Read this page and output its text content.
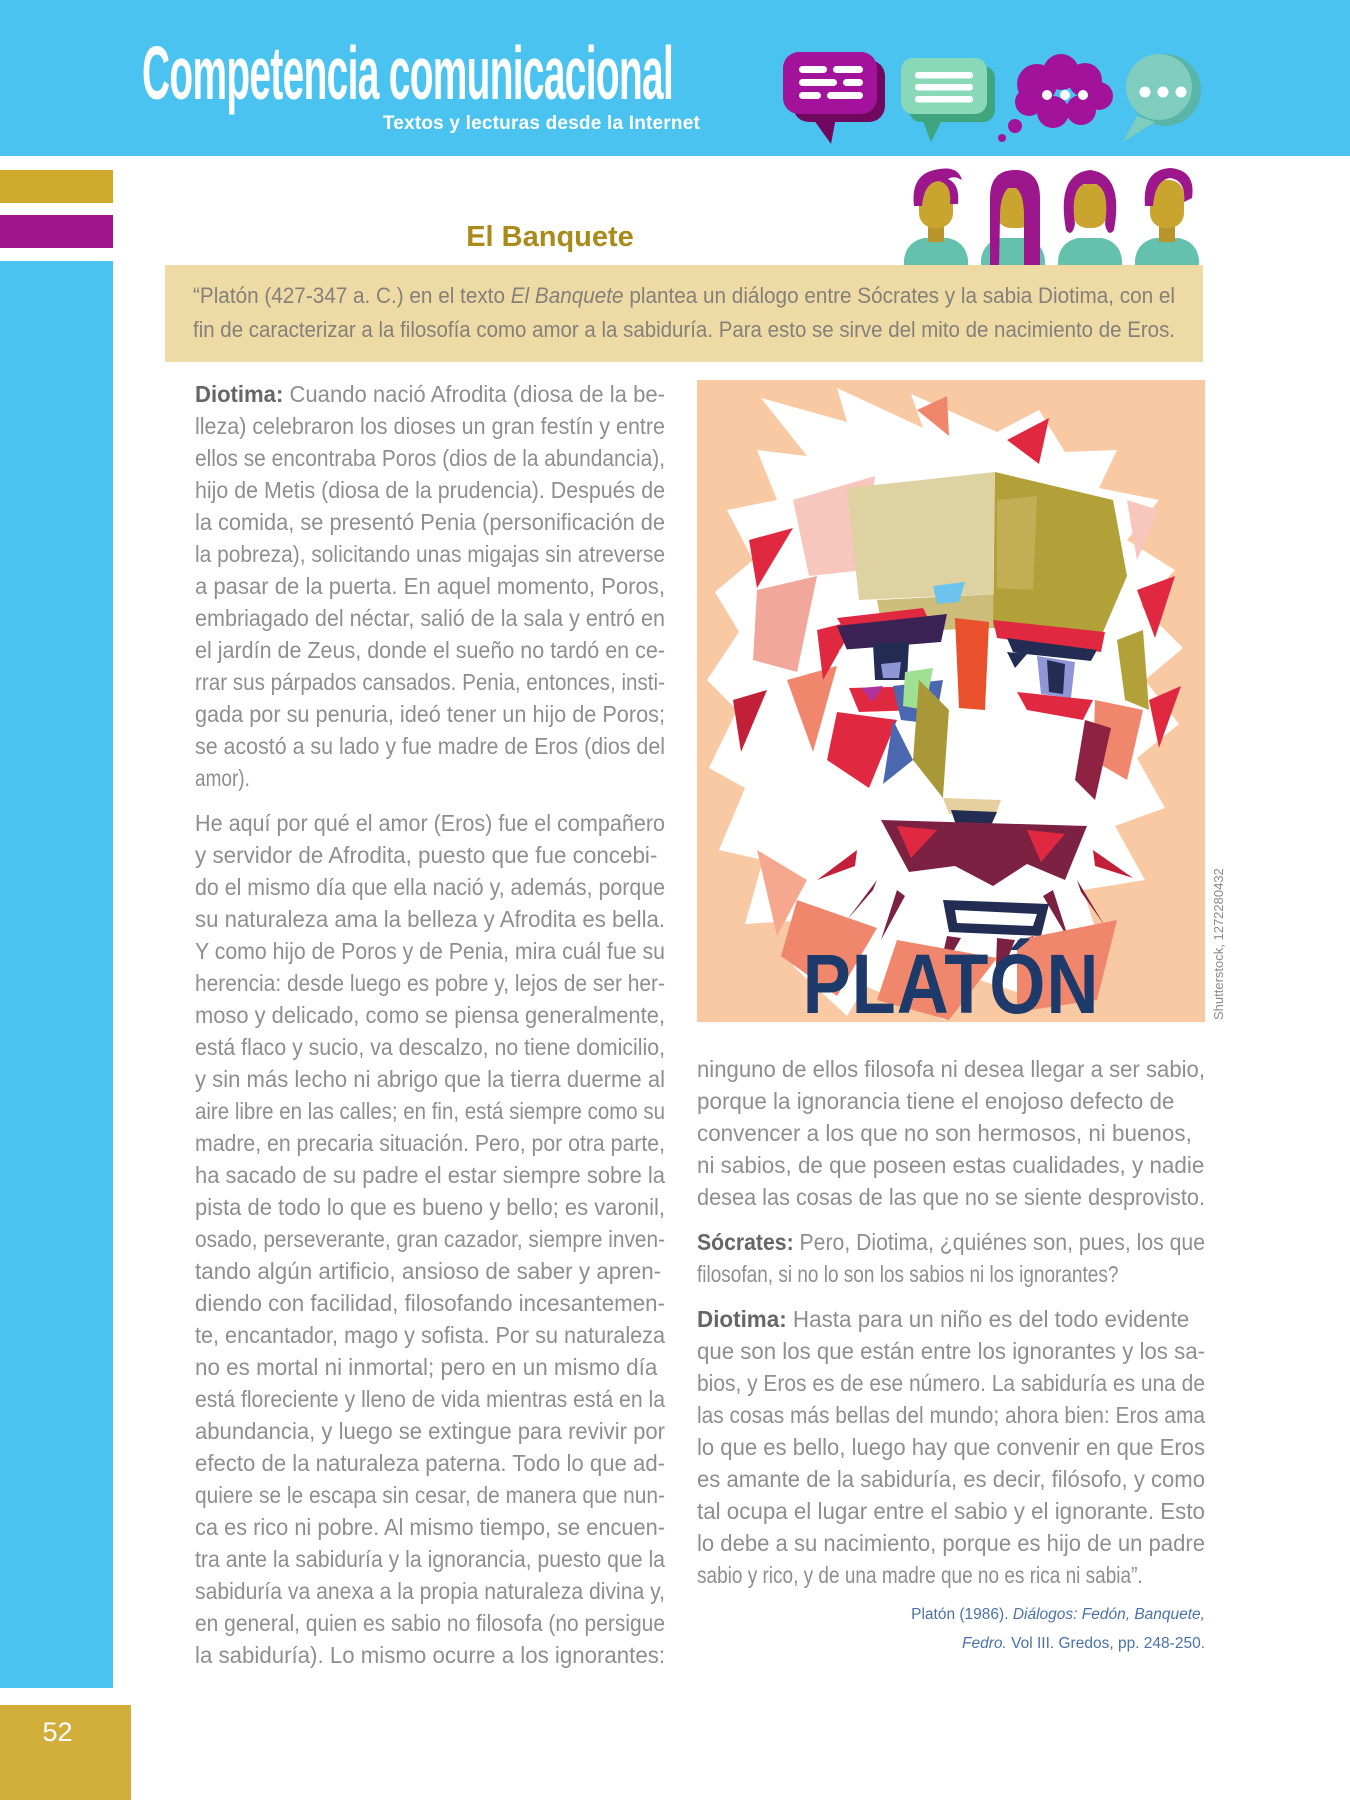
Competencia comunicacional
Textos y lecturas desde la Internet
52
El Banquete
“Platón (427-347 a. C.) en el texto El Banquete plantea un diálogo entre Sócrates y la sabia Diotima, con el
fin de caracterizar a la filosofía como amor a la sabiduría. Para esto se sirve del mito de nacimiento de Eros.
Diotima: Cuando nació Afrodita (diosa de la be-
lleza) celebraron los dioses un gran festín y entre
ellos se encontraba Poros (dios de la abundancia),
hijo de Metis (diosa de la prudencia). Después de
la comida, se presentó Penia (personificación de
la pobreza), solicitando unas migajas sin atreverse
a pasar de la puerta. En aquel momento, Poros,
embriagado del néctar, salió de la sala y entró en
el jardín de Zeus, donde el sueño no tardó en ce-
rrar sus párpados cansados. Penia, entonces, insti-
gada por su penuria, ideó tener un hijo de Poros;
se acostó a su lado y fue madre de Eros (dios del
amor).
He aquí por qué el amor (Eros) fue el compañero
y servidor de Afrodita, puesto que fue concebi-
do el mismo día que ella nació y, además, porque
su naturaleza ama la belleza y Afrodita es bella.
Y como hijo de Poros y de Penia, mira cuál fue su
herencia: desde luego es pobre y, lejos de ser her-
moso y delicado, como se piensa generalmente,
está flaco y sucio, va descalzo, no tiene domicilio,
y sin más lecho ni abrigo que la tierra duerme al
aire libre en las calles; en fin, está siempre como su
madre, en precaria situación. Pero, por otra parte,
ha sacado de su padre el estar siempre sobre la
pista de todo lo que es bueno y bello; es varonil,
osado, perseverante, gran cazador, siempre inven-
tando algún artificio, ansioso de saber y apren-
diendo con facilidad, filosofando incesantemen-
te, encantador, mago y sofista. Por su naturaleza
no es mortal ni inmortal; pero en un mismo día
está floreciente y lleno de vida mientras está en la
abundancia, y luego se extingue para revivir por
efecto de la naturaleza paterna. Todo lo que ad-
quiere se le escapa sin cesar, de manera que nun-
ca es rico ni pobre. Al mismo tiempo, se encuen-
tra ante la sabiduría y la ignorancia, puesto que la
sabiduría va anexa a la propia naturaleza divina y,
en general, quien es sabio no filosofa (no persigue
la sabiduría). Lo mismo ocurre a los ignorantes:
ninguno de ellos filosofa ni desea llegar a ser sabio,
porque la ignorancia tiene el enojoso defecto de
convencer a los que no son hermosos, ni buenos,
ni sabios, de que poseen estas cualidades, y nadie
desea las cosas de las que no se siente desprovisto.
Sócrates: Pero, Diotima, ¿quiénes son, pues, los que
filosofan, si no lo son los sabios ni los ignorantes?
Diotima: Hasta para un niño es del todo evidente
que son los que están entre los ignorantes y los sa-
bios, y Eros es de ese número. La sabiduría es una de
las cosas más bellas del mundo; ahora bien: Eros ama
lo que es bello, luego hay que convenir en que Eros
es amante de la sabiduría, es decir, filósofo, y como
tal ocupa el lugar entre el sabio y el ignorante. Esto
lo debe a su nacimiento, porque es hijo de un padre
sabio y rico, y de una madre que no es rica ni sabia”.
PLATÓN	Shutterstock, 1272280432
Platón (1986). Diálogos: Fedón, Banquete,
Fedro. Vol III. Gredos, pp. 248-250.
